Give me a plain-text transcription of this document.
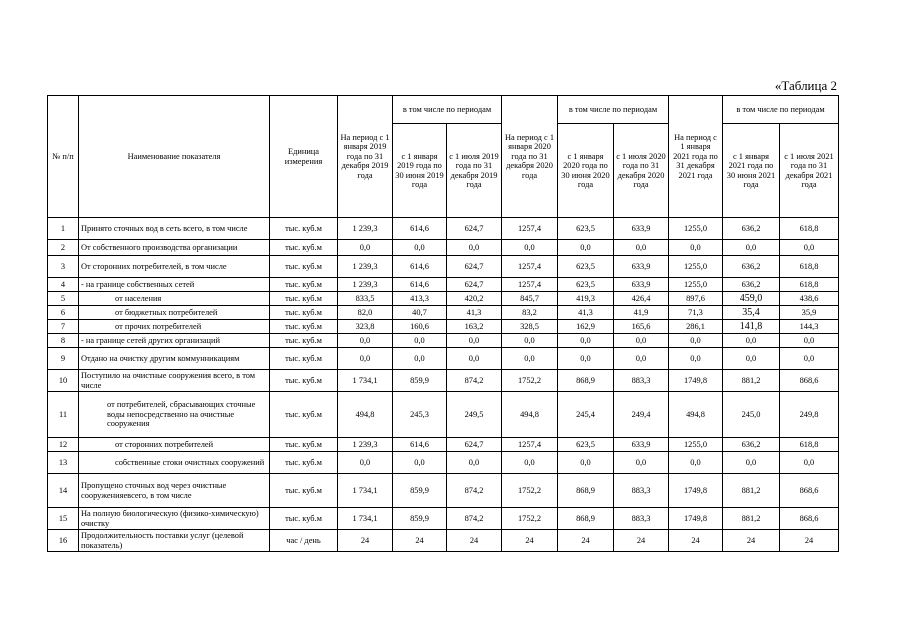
«Таблица 2
№ п/п	Наименование показателя	Единица измерения	На период с 1 января 2019 года по 31 декабря 2019 года	в том числе по периодам		На период с 1 января 2020 года по 31 декабря 2020 года	в том числе по периодам		На период с 1 января 2021 года по 31 декабря 2021 года	в том числе по периодам	
				с 1 января 2019 года по 30 июня 2019 года	с 1 июля 2019 года по 31 декабря 2019 года		с 1 января 2020 года по 30 июня 2020 года	с 1 июля 2020 года по 31 декабря 2020 года		с 1 января 2021 года по 30 июня 2021 года	с 1 июля 2021 года по 31 декабря 2021 года
1	Принято сточных вод в сеть всего, в том числе	тыс. куб.м	1 239,3	614,6	624,7	1257,4	623,5	633,9	1255,0	636,2	618,8
2	От собственного производства организации	тыс. куб.м	0,0	0,0	0,0	0,0	0,0	0,0	0,0	0,0	0,0
3	От сторонних потребителей, в том числе	тыс. куб.м	1 239,3	614,6	624,7	1257,4	623,5	633,9	1255,0	636,2	618,8
4	- на границе собственных сетей	тыс. куб.м	1 239,3	614,6	624,7	1257,4	623,5	633,9	1255,0	636,2	618,8
5	от населения	тыс. куб.м	833,5	413,3	420,2	845,7	419,3	426,4	897,6	459,0	438,6
6	от бюджетных потребителей	тыс. куб.м	82,0	40,7	41,3	83,2	41,3	41,9	71,3	35,4	35,9
7	от прочих потребителей	тыс. куб.м	323,8	160,6	163,2	328,5	162,9	165,6	286,1	141,8	144,3
8	- на границе сетей других организаций	тыс. куб.м	0,0	0,0	0,0	0,0	0,0	0,0	0,0	0,0	0,0
9	Отдано на очистку другим коммунникациям	тыс. куб.м	0,0	0,0	0,0	0,0	0,0	0,0	0,0	0,0	0,0
10	Поступило на очистные сооружения всего, в том числе	тыс. куб.м	1 734,1	859,9	874,2	1752,2	868,9	883,3	1749,8	881,2	868,6
11	от потребителей, сбрасывающих сточные воды непосредственно на очистные сооружения	тыс. куб.м	494,8	245,3	249,5	494,8	245,4	249,4	494,8	245,0	249,8
12	от сторонних потребителей	тыс. куб.м	1 239,3	614,6	624,7	1257,4	623,5	633,9	1255,0	636,2	618,8
13	собственные стоки очистных сооружений	тыс. куб.м	0,0	0,0	0,0	0,0	0,0	0,0	0,0	0,0	0,0
14	Пропущено сточных вод через очистные сооруженияевсего, в том числе	тыс. куб.м	1 734,1	859,9	874,2	1752,2	868,9	883,3	1749,8	881,2	868,6
15	На полную биологическую (физико-химическую) очистку	тыс. куб.м	1 734,1	859,9	874,2	1752,2	868,9	883,3	1749,8	881,2	868,6
16	Продолжительность поставки услуг (целевой показатель)	час / день	24	24	24	24	24	24	24	24	24
